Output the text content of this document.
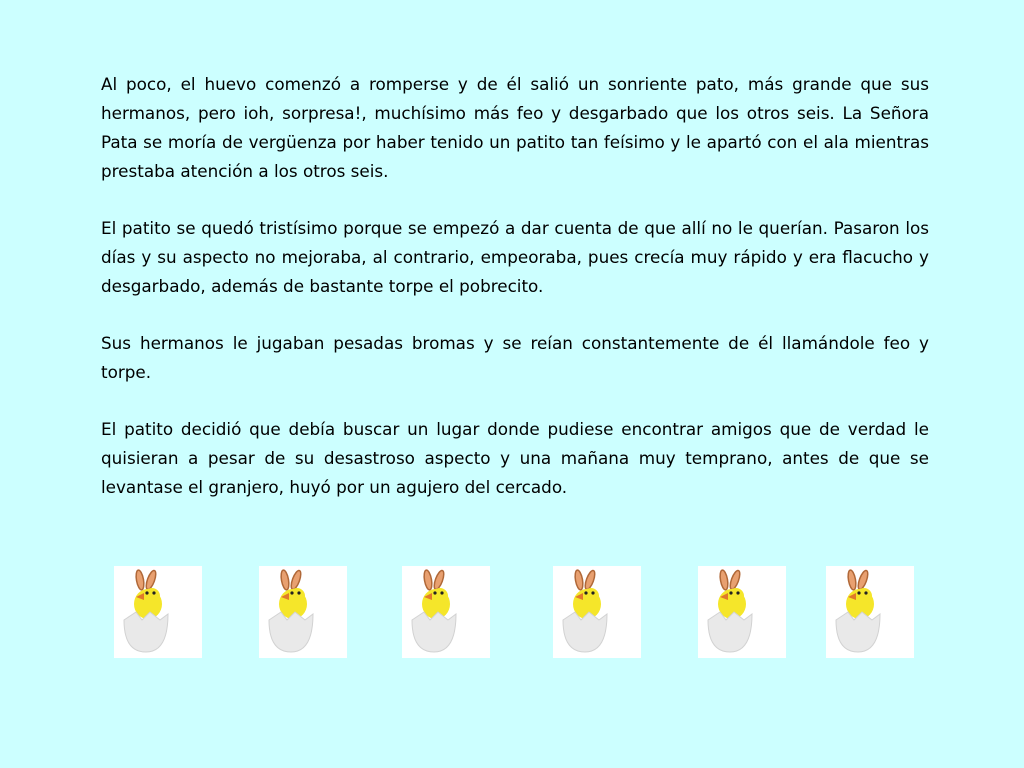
Al poco, el huevo comenzó a romperse y de él salió un sonriente pato, más grande que sus hermanos, pero ioh, sorpresa!, muchísimo más feo y desgarbado que los otros seis. La Señora Pata se moría de vergüenza por haber tenido un patito tan feísimo y le apartó con el ala mientras prestaba atención a los otros seis.

El patito se quedó tristísimo porque se empezó a dar cuenta de que allí no le querían. Pasaron los días y su aspecto no mejoraba, al contrario, empeoraba, pues crecía muy rápido y era flacucho y desgarbado, además de bastante torpe el pobrecito.

Sus hermanos le jugaban pesadas bromas y se reían constantemente de él llamándole feo y torpe.

El patito decidió que debía buscar un lugar donde pudiese encontrar amigos que de verdad le quisieran a pesar de su desastroso aspecto y una mañana muy temprano, antes de que se levantase el granjero, huyó por un agujero del cercado.
